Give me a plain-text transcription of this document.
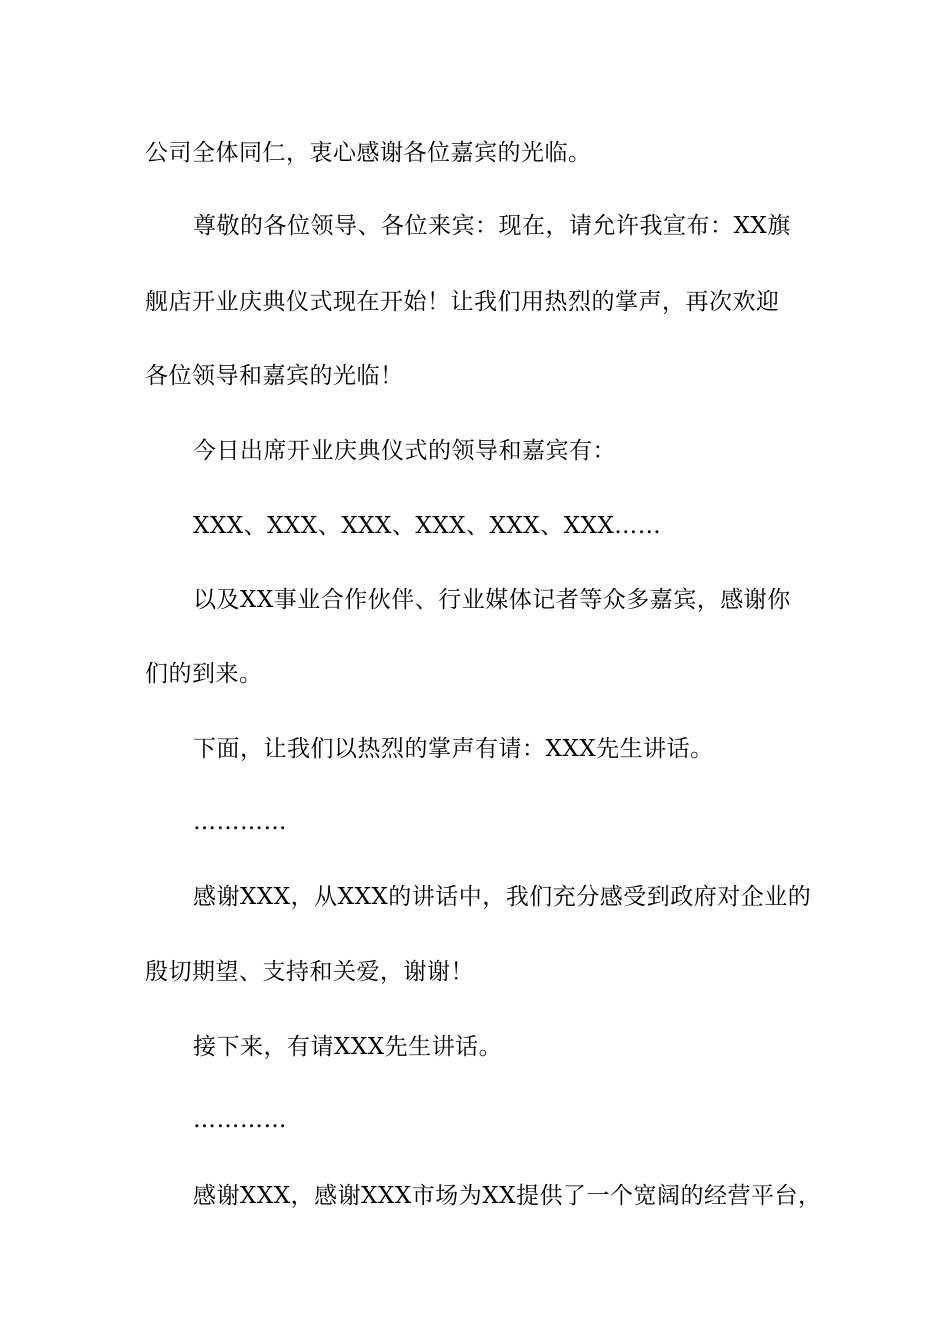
公司全体同仁，衷心感谢各位嘉宾的光临。
尊敬的各位领导、各位来宾：现在，请允许我宣布：XX旗
舰店开业庆典仪式现在开始！让我们用热烈的掌声，再次欢迎
各位领导和嘉宾的光临！
今日出席开业庆典仪式的领导和嘉宾有：
XXX、XXX、XXX、XXX、XXX、XXX……
以及XX事业合作伙伴、行业媒体记者等众多嘉宾，感谢你
们的到来。
下面，让我们以热烈的掌声有请：XXX先生讲话。
…………
感谢XXX，从XXX的讲话中，我们充分感受到政府对企业的
殷切期望、支持和关爱，谢谢！
接下来，有请XXX先生讲话。
…………
感谢XXX，感谢XXX市场为XX提供了一个宽阔的经营平台，
